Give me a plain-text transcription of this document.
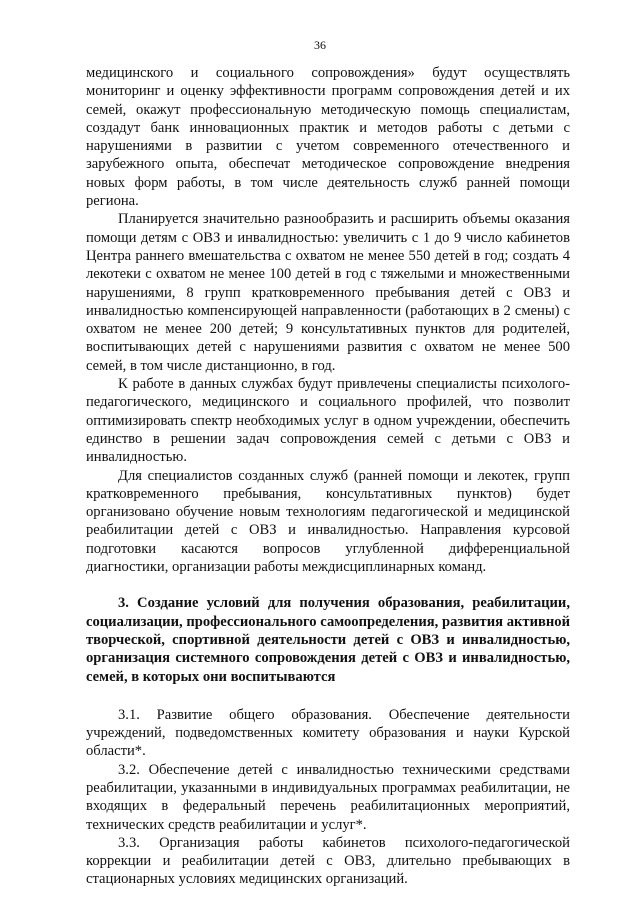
36

медицинского и социального сопровождения» будут осуществлять мониторинг и оценку эффективности программ сопровождения детей и их семей, окажут профессиональную методическую помощь специалистам, создадут банк инновационных практик и методов работы с детьми с нарушениями в развитии с учетом современного отечественного и зарубежного опыта, обеспечат методическое сопровождение внедрения новых форм работы, в том числе деятельность служб ранней помощи региона.

Планируется значительно разнообразить и расширить объемы оказания помощи детям с ОВЗ и инвалидностью: увеличить с 1 до 9 число кабинетов Центра раннего вмешательства с охватом не менее 550 детей в год; создать 4 лекотеки с охватом не менее 100 детей в год с тяжелыми и множественными нарушениями, 8 групп кратковременного пребывания детей с ОВЗ и инвалидностью компенсирующей направленности (работающих в 2 смены) с охватом не менее 200 детей; 9 консультативных пунктов для родителей, воспитывающих детей с нарушениями развития с охватом не менее 500 семей, в том числе дистанционно, в год.

К работе в данных службах будут привлечены специалисты психолого-педагогического, медицинского и социального профилей, что позволит оптимизировать спектр необходимых услуг в одном учреждении, обеспечить единство в решении задач сопровождения семей с детьми с ОВЗ и инвалидностью.

Для специалистов созданных служб (ранней помощи и лекотек, групп кратковременного пребывания, консультативных пунктов) будет организовано обучение новым технологиям педагогической и медицинской реабилитации детей с ОВЗ и инвалидностью. Направления курсовой подготовки касаются вопросов углубленной дифференциальной диагностики, организации работы междисциплинарных команд.

3. Создание условий для получения образования, реабилитации, социализации, профессионального самоопределения, развития активной творческой, спортивной деятельности детей с ОВЗ и инвалидностью, организация системного сопровождения детей с ОВЗ и инвалидностью, семей, в которых они воспитываются

3.1. Развитие общего образования. Обеспечение деятельности учреждений, подведомственных комитету образования и науки Курской области*.

3.2. Обеспечение детей с инвалидностью техническими средствами реабилитации, указанными в индивидуальных программах реабилитации, не входящих в федеральный перечень реабилитационных мероприятий, технических средств реабилитации и услуг*.

3.3. Организация работы кабинетов психолого-педагогической коррекции и реабилитации детей с ОВЗ, длительно пребывающих в стационарных условиях медицинских организаций.
